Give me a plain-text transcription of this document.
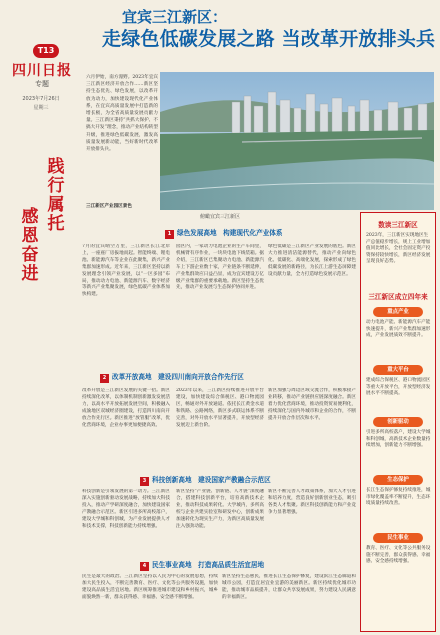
T13
四川日报
专题
2023年7月26日
星期三
践行属托
感恩奋进
宜宾三江新区：
走绿色低碳发展之路 当改革开放排头兵
俯瞰宜宾三江新区
六月伊始，南方漫野。2023年宜宾三江新区经济开放合作……新区坚持生态优先、绿色发展，以改革开放为动力，加快建设现代化产业体系，在宜宾高质量发展中打造新的增长极，为全省高质量发展贡献力量。三江新区秉持“共抓大保护、不搞大开发”理念，推动产业结构转型升级，推进绿色低碳发展，激发高质量发展新动能，当好新时代改革开放排头兵。
三江新区产业园区景色
1 绿色发展高地　构建现代化产业体系
7月的宜宾晴空万里，三江新区长江北岸上，一座座厂房拔地而起。智能终端、锂电池、新能源汽车等企业在此聚集，新兴产业集群加速形成。近年来，三江新区坚持以新发展理念引领产业发展，以“一区多园”布局，推动动力电池、新能源汽车、数字经济等新兴产业集聚发展，绿色低碳产业体系加快构建。
园区内，一家动力电池企业的生产车间里，机械臂有序作业，一块块电池下线装箱。据介绍，三江新区已集聚动力电池、新能源汽车上下游企业数十家，产业链条不断延伸，产业集群效应日益凸显，成为宜宾建设万亿级产业集群的重要承载地。新区坚持生态优先，推动产业发展与生态保护协同并进。
绿色低碳是三江新区产业发展的底色。新区大力推进清洁能源替代，推动产业向绿色化、低碳化、高端化发展，探索形成了绿色低碳发展的新路径，为长江上游生态屏障建设贡献力量，全力打造绿色发展示范区。
2 改革开放高地　建设四川南向开放合作先行区
改革开放是三江新区发展的关键一招。新区持续深化改革，以体制机制创新激发发展活力，以高水平开放拓展发展空间，积极融入成渝地区双城经济圈建设，打造四川南向开放合作先行区。新区推进“放管服”改革，优化营商环境，企业办事更加便捷高效。
2023年以来，三江新区持续推进开放平台建设，加快建设综合保税区、港口物流园区，畅通对外开放通道。依托长江黄金水道和铁路、公路网络，新区多式联运体系不断完善，对外开放水平显著提升，开放型经济发展迈上新台阶。
新区加强与周边区域交流合作，积极承接产业转移，推动产业链供应链深度融合。新区着力优化营商环境，推动投资贸易便利化，持续深化与国内外城市和企业的合作，不断提升开放合作层次和水平。
3 科技创新高地　建设国家产教融合示范区
科技创新是引领发展的第一动力。三江新区深入实施创新驱动发展战略，持续加大科技投入，推动产学研深度融合，加快建设国家产教融合示范区。新区引进多所高校落户，建设大学城和科创城，为产业发展提供人才和技术支撑，科技创新能力持续增强。
新区坚持“产业链、创新链、人才链”深度融合，搭建科技创新平台，培育高新技术企业，推动科技成果转化。大学城内，多所高校与企业共建实验室和研发中心，创新成果加速转化为现实生产力，为新区高质量发展注入强劲动能。
新区不断完善人才政策体系，加大人才引进和培养力度，营造良好创新创业生态，吸引各类人才集聚。新区科技创新能力和产业竞争力显著增强。
4 民生事业高地　打造高品质生活宜居地
民生是最大的政治。三江新区坚持以人民为中心的发展思想，持续加大民生投入，不断完善教育、医疗、文化等公共服务设施，加快建设高品质生活宜居地。新区统筹推进城市建设和乡村振兴，城乡面貌焕然一新，群众获得感、幸福感、安全感不断增强。
新区坚持生态惠民，推进长江生态保护修复，建设滨江生态廊道和城市公园，打造宜居宜业宜游的美丽新区。新区持续优化城市功能，推动城市品质提升，让群众共享发展成果，努力建设人民满意的幸福新区。
数读三江新区
2023年，三江新区实现地区生产总值稳步增长，规上工业增加值同比增长，全社会固定资产投资保持较快增长，新区经济发展呈现良好态势。
三江新区成立四年来
重点产业
动力电池产能、新能源汽车产能快速提升，新兴产业集群加速形成，产业发展质效不断提升。
重大平台
建成综合保税区、港口物流园区等重大开放平台，开放型经济发展水平不断提高。
创新驱动
引进多所高校落户，建设大学城和科创城，高新技术企业数量持续增加，创新能力不断增强。
生态保护
长江生态保护修复持续推进，城市绿化覆盖率不断提升，生态环境质量持续改善。
民生事业
教育、医疗、文化等公共服务设施不断完善，群众获得感、幸福感、安全感持续增强。
